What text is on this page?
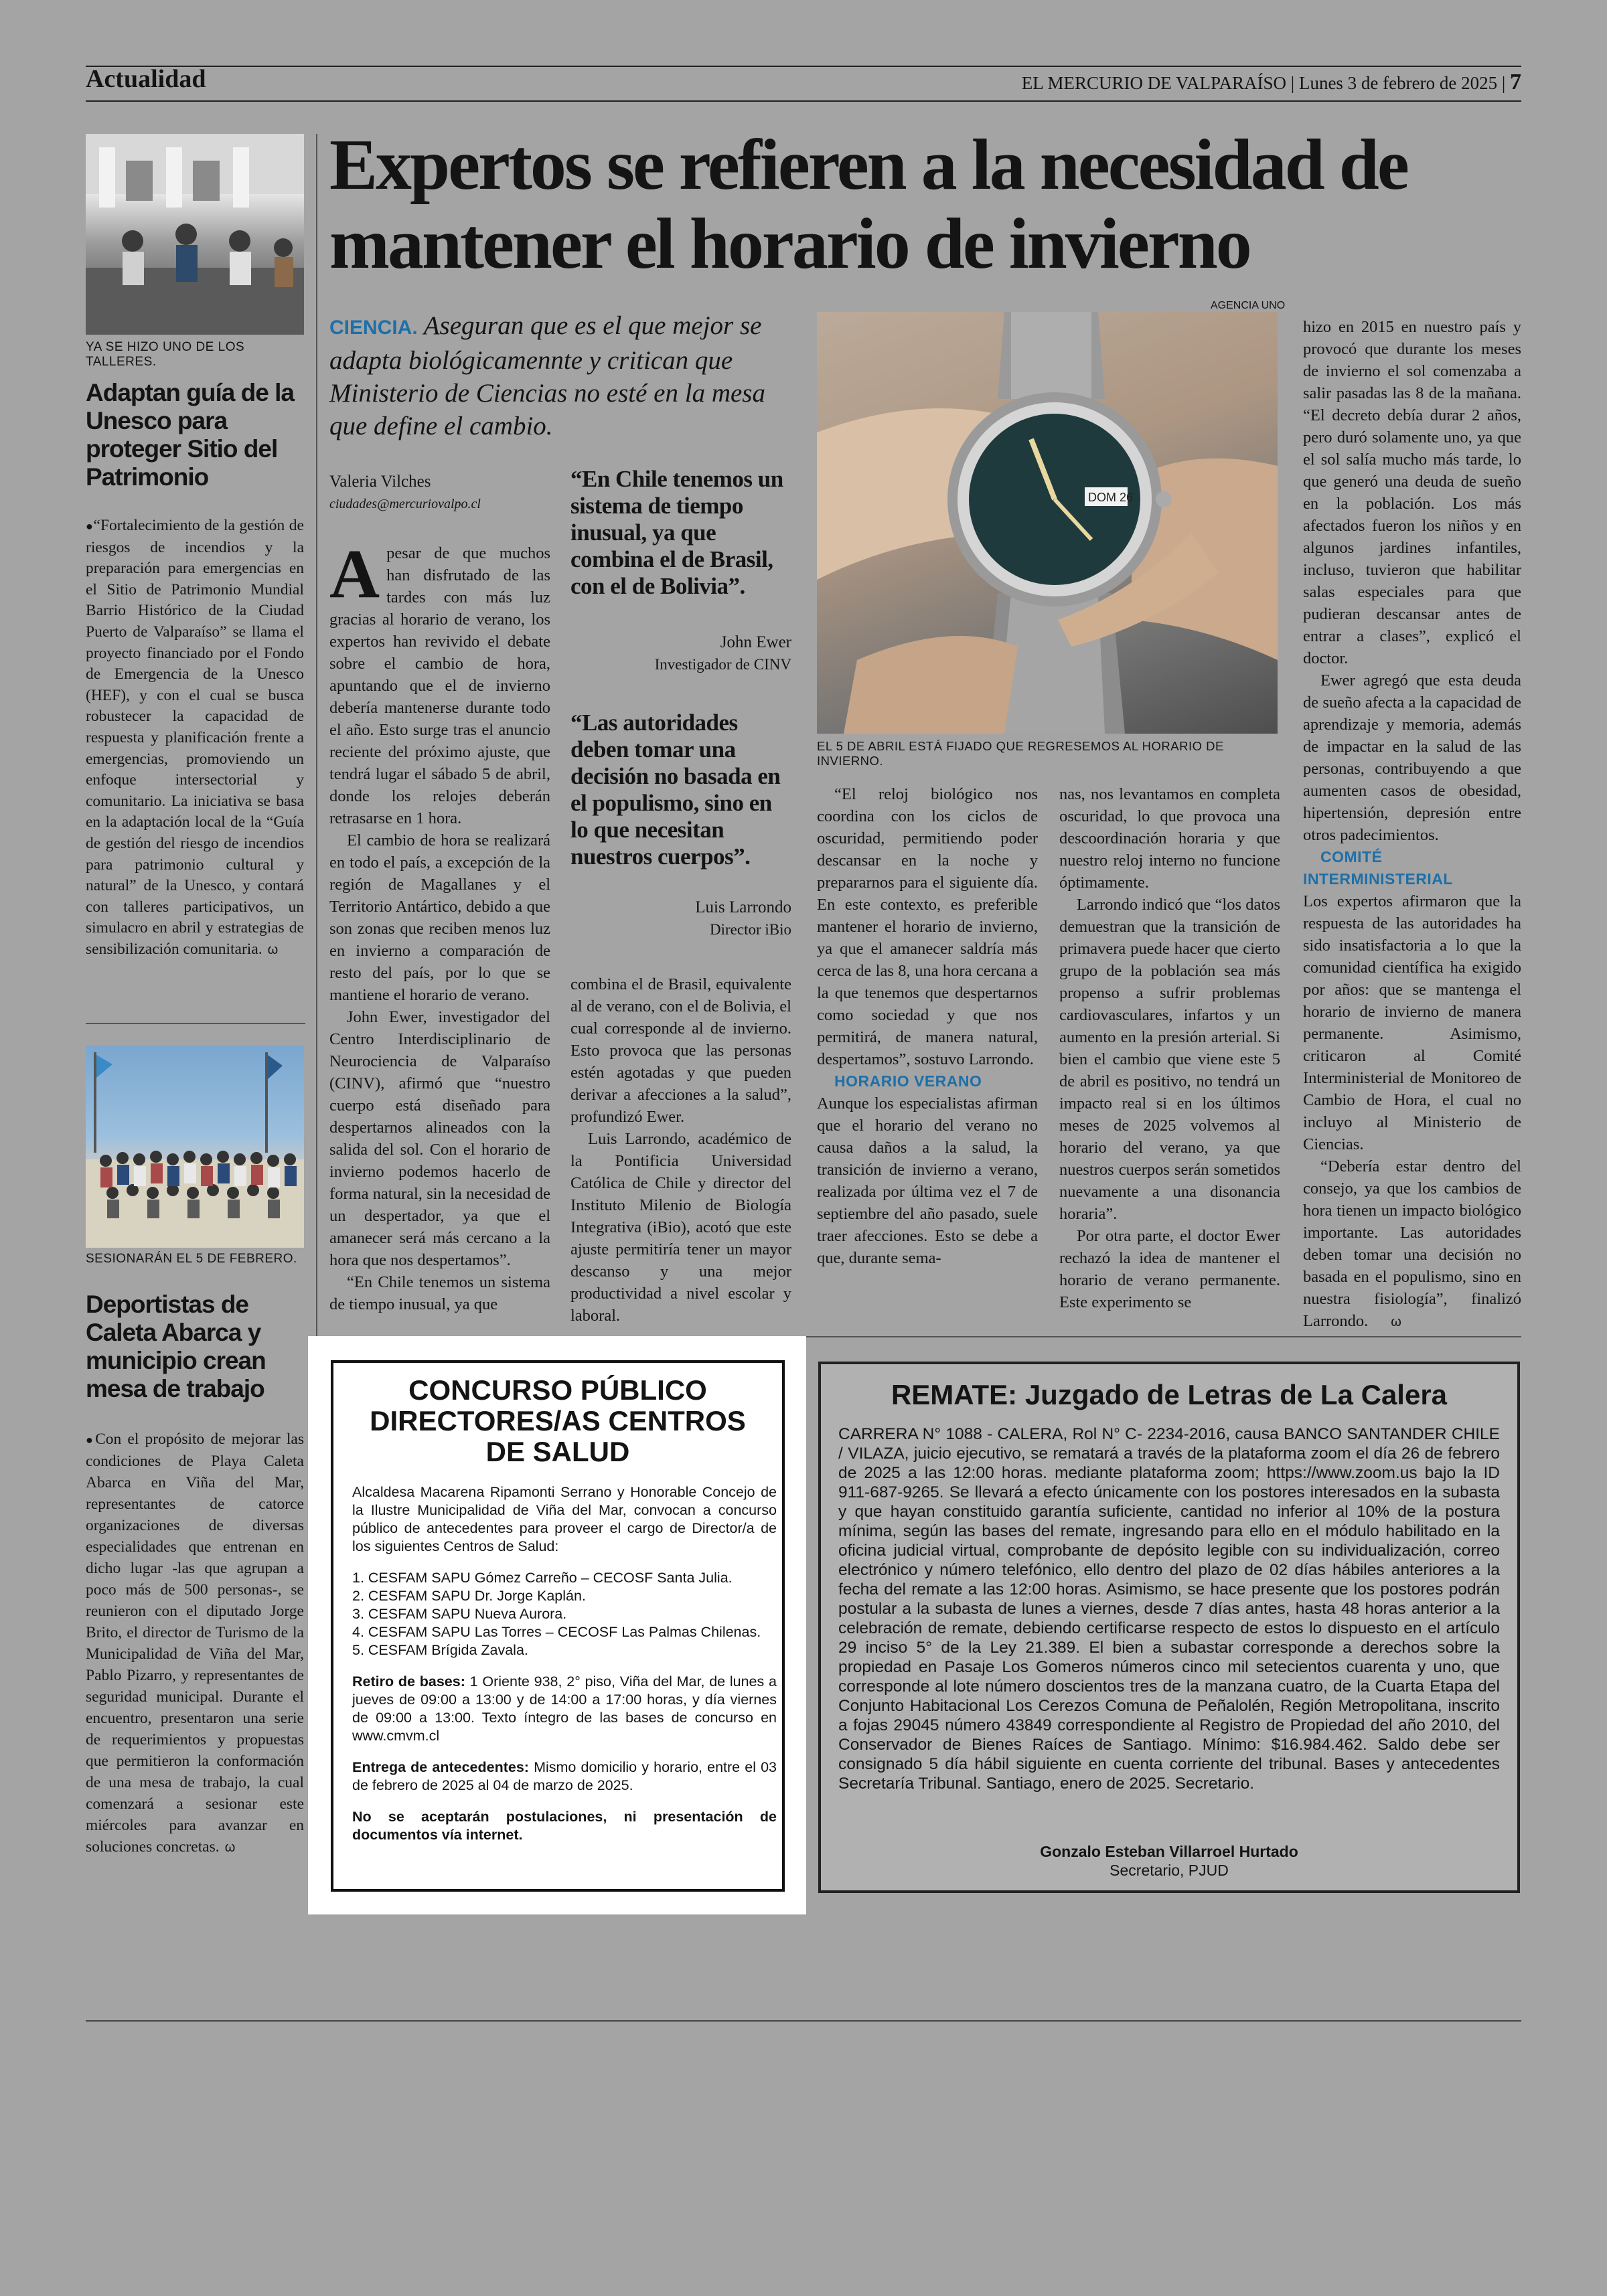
Actualidad	EL MERCURIO DE VALPARAÍSO | Lunes 3 de febrero de 2025 | 7
YA SE HIZO UNO DE LOS TALLERES.
Adaptan guía de la Unesco para proteger Sitio del Patrimonio

● “Fortalecimiento de la gestión de riesgos de incendios y la preparación para emergencias en el Sitio de Patrimonio Mundial Barrio Histórico de la Ciudad Puerto de Valparaíso” se llama el proyecto financiado por el Fondo de Emergencia de la Unesco (HEF), y con el cual se busca robustecer la capacidad de respuesta y planificación frente a emergencias, promoviendo un enfoque intersectorial y comunitario. La iniciativa se basa en la adaptación local de la “Guía de gestión del riesgo de incendios para patrimonio cultural y natural” de la Unesco, y contará con talleres participativos, un simulacro en abril y estrategias de sensibilización comunitaria. ω

SESIONARÁN EL 5 DE FEBRERO.
Deportistas de Caleta Abarca y municipio crean mesa de trabajo

● Con el propósito de mejorar las condiciones de Playa Caleta Abarca en Viña del Mar, representantes de catorce organizaciones de diversas especialidades que entrenan en dicho lugar -las que agrupan a poco más de 500 personas-, se reunieron con el diputado Jorge Brito, el director de Turismo de la Municipalidad de Viña del Mar, Pablo Pizarro, y representantes de seguridad municipal. Durante el encuentro, presentaron una serie de requerimientos y propuestas que permitieron la conformación de una mesa de trabajo, la cual comenzará a sesionar este miércoles para avanzar en soluciones concretas. ω

Expertos se refieren a la necesidad de mantener el horario de invierno
CIENCIA. Aseguran que es el que mejor se adapta biológicamennte y critican que Ministerio de Ciencias no esté en la mesa que define el cambio.
Valeria Vilches
ciudades@mercuriovalpo.cl

Apesar de que muchos han disfrutado de las tardes con más luz gracias al horario de verano, los expertos han revivido el debate sobre el cambio de hora, apuntando que el de invierno debería mantenerse durante todo el año. Esto surge tras el anuncio reciente del próximo ajuste, que tendrá lugar el sábado 5 de abril, donde los relojes deberán retrasarse en 1 hora.

El cambio de hora se realizará en todo el país, a excepción de la región de Magallanes y el Territorio Antártico, debido a que son zonas que reciben menos luz en invierno a comparación de resto del país, por lo que se mantiene el horario de verano.

John Ewer, investigador del Centro Interdisciplinario de Neurociencia de Valparaíso (CINV), afirmó que “nuestro cuerpo está diseñado para despertarnos alineados con la salida del sol. Con el horario de invierno podemos hacerlo de forma natural, sin la necesidad de un despertador, ya que el amanecer será más cercano a la hora que nos despertamos”.

“En Chile tenemos un sistema de tiempo inusual, ya que

“En Chile tenemos un sistema de tiempo inusual, ya que combina el de Brasil, con el de Bolivia”.
John Ewer
Investigador de CINV
“Las autoridades deben tomar una decisión no basada en el populismo, sino en lo que necesitan nuestros cuerpos”.
Luis Larrondo
Director iBio

combina el de Brasil, equivalente al de verano, con el de Bolivia, el cual corresponde al de invierno. Esto provoca que las personas estén agotadas y que pueden derivar a afecciones a la salud”, profundizó Ewer.

Luis Larrondo, académico de la Pontificia Universidad Católica de Chile y director del Instituto Milenio de Biología Integrativa (iBio), acotó que este ajuste permitiría tener un mayor descanso y una mejor productividad a nivel escolar y laboral.

AGENCIA UNO
DOM 26
EL 5 DE ABRIL ESTÁ FIJADO QUE REGRESEMOS AL HORARIO DE INVIERNO.

“El reloj biológico nos coordina con los ciclos de oscuridad, permitiendo poder descansar en la noche y prepararnos para el siguiente día. En este contexto, es preferible mantener el horario de invierno, ya que el amanecer saldría más cerca de las 8, una hora cercana a la que tenemos que despertarnos como sociedad y que nos permitirá, de manera natural, despertamos”, sostuvo Larrondo.

HORARIO VERANO

Aunque los especialistas afirman que el horario del verano no causa daños a la salud, la transición de invierno a verano, realizada por última vez el 7 de septiembre del año pasado, suele traer afecciones. Esto se debe a que, durante sema-

nas, nos levantamos en completa oscuridad, lo que provoca una descoordinación horaria y que nuestro reloj interno no funcione óptimamente.

Larrondo indicó que “los datos demuestran que la transición de primavera puede hacer que cierto grupo de la población sea más propenso a sufrir problemas cardiovasculares, infartos y un aumento en la presión arterial. Si bien el cambio que viene este 5 de abril es positivo, no tendrá un impacto real si en los últimos meses de 2025 volvemos al horario del verano, ya que nuestros cuerpos serán sometidos nuevamente a una disonancia horaria”.

Por otra parte, el doctor Ewer rechazó la idea de mantener el horario de verano permanente. Este experimento se

hizo en 2015 en nuestro país y provocó que durante los meses de invierno el sol comenzaba a salir pasadas las 8 de la mañana. “El decreto debía durar 2 años, pero duró solamente uno, ya que el sol salía mucho más tarde, lo que generó una deuda de sueño en la población. Los más afectados fueron los niños y en algunos jardines infantiles, incluso, tuvieron que habilitar salas especiales para que pudieran descansar antes de entrar a clases”, explicó el doctor.

Ewer agregó que esta deuda de sueño afecta a la capacidad de aprendizaje y memoria, además de impactar en la salud de las personas, contribuyendo a que aumenten casos de obesidad, hipertensión, depresión entre otros padecimientos.

COMITÉ INTERMINISTERIAL

Los expertos afirmaron que la respuesta de las autoridades ha sido insatisfactoria a lo que la comunidad científica ha exigido por años: que se mantenga el horario de invierno de manera permanente. Asimismo, criticaron al Comité Interministerial de Monitoreo de Cambio de Hora, el cual no incluyo al Ministerio de Ciencias.

“Debería estar dentro del consejo, ya que los cambios de hora tienen un impacto biológico importante. Las autoridades deben tomar una decisión no basada en el populismo, sino en nuestra fisiología”, finalizó Larrondo. ω

CONCURSO PÚBLICO DIRECTORES/AS CENTROS DE SALUD

Alcaldesa Macarena Ripamonti Serrano y Honorable Concejo de la Ilustre Municipalidad de Viña del Mar, convocan a concurso público de antecedentes para proveer el cargo de Director/a de los siguientes Centros de Salud:

1. CESFAM SAPU Gómez Carreño – CECOSF Santa Julia.
2. CESFAM SAPU Dr. Jorge Kaplán.
3. CESFAM SAPU Nueva Aurora.
4. CESFAM SAPU Las Torres – CECOSF Las Palmas Chilenas.
5. CESFAM Brígida Zavala.

Retiro de bases: 1 Oriente 938, 2° piso, Viña del Mar, de lunes a jueves de 09:00 a 13:00 y de 14:00 a 17:00 horas, y día viernes de 09:00 a 13:00. Texto íntegro de las bases de concurso en www.cmvm.cl

Entrega de antecedentes: Mismo domicilio y horario, entre el 03 de febrero de 2025 al 04 de marzo de 2025.

No se aceptarán postulaciones, ni presentación de documentos vía internet.

REMATE: Juzgado de Letras de La Calera
CARRERA N° 1088 - CALERA, Rol N° C- 2234-2016, causa BANCO SANTANDER CHILE / VILAZA, juicio ejecutivo, se rematará a través de la plataforma zoom el día 26 de febrero de 2025 a las 12:00 horas. mediante plataforma zoom; https://www.zoom.us bajo la ID 911-687-9265. Se llevará a efecto únicamente con los postores interesados en la subasta y que hayan constituido garantía suficiente, cantidad no inferior al 10% de la postura mínima, según las bases del remate, ingresando para ello en el módulo habilitado en la oficina judicial virtual, comprobante de depósito legible con su individualización, correo electrónico y número telefónico, ello dentro del plazo de 02 días hábiles anteriores a la fecha del remate a las 12:00 horas. Asimismo, se hace presente que los postores podrán postular a la subasta de lunes a viernes, desde 7 días antes, hasta 48 horas anterior a la celebración de remate, debiendo certificarse respecto de estos lo dispuesto en el artículo 29 inciso 5° de la Ley 21.389. El bien a subastar corresponde a derechos sobre la propiedad en Pasaje Los Gomeros números cinco mil setecientos cuarenta y uno, que corresponde al lote número doscientos tres de la manzana cuatro, de la Cuarta Etapa del Conjunto Habitacional Los Cerezos Comuna de Peñalolén, Región Metropolitana, inscrito a fojas 29045 número 43849 correspondiente al Registro de Propiedad del año 2010, del Conservador de Bienes Raíces de Santiago. Mínimo: $16.984.462. Saldo debe ser consignado 5 día hábil siguiente en cuenta corriente del tribunal. Bases y antecedentes Secretaría Tribunal. Santiago, enero de 2025. Secretario.
Gonzalo Esteban Villarroel Hurtado
Secretario, PJUD
